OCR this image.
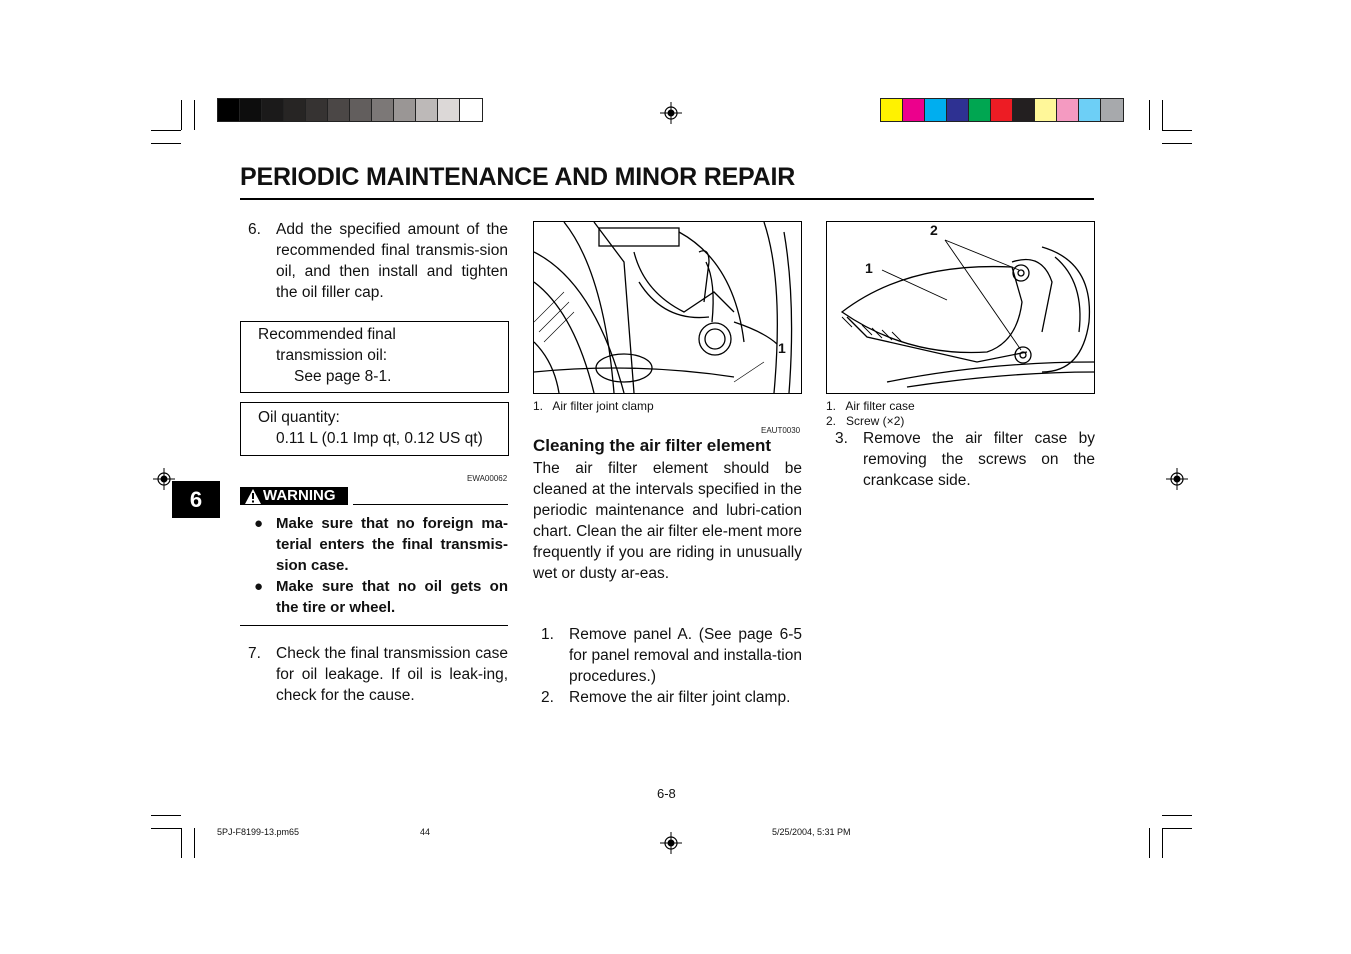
PERIODIC MAINTENANCE AND MINOR REPAIR
6
6. Add the specified amount of the recommended final transmis-sion oil, and then install and tighten the oil filler cap.
Recommended final
transmission oil:
See page 8-1.
Oil quantity:
0.11 L (0.1 Imp qt, 0.12 US qt)
EWA00062
WARNING
● Make sure that no foreign ma-terial enters the final transmis-sion case.
● Make sure that no oil gets on the tire or wheel.
7. Check the final transmission case for oil leakage. If oil is leak-ing, check for the cause.
1
1.   Air filter joint clamp
EAUT0030
Cleaning the air filter element
The air filter element should be cleaned at the intervals specified in the periodic maintenance and lubri-cation chart. Clean the air filter ele-ment more frequently if you are riding in unusually wet or dusty ar-eas.
1. Remove panel A. (See page 6-5 for panel removal and installa-tion procedures.)
2. Remove the air filter joint clamp.
2
1
1.   Air filter case
2.   Screw (×2)
3. Remove the air filter case by removing the screws on the crankcase side.
6-8
5PJ-F8199-13.pm65	44	5/25/2004, 5:31 PM
